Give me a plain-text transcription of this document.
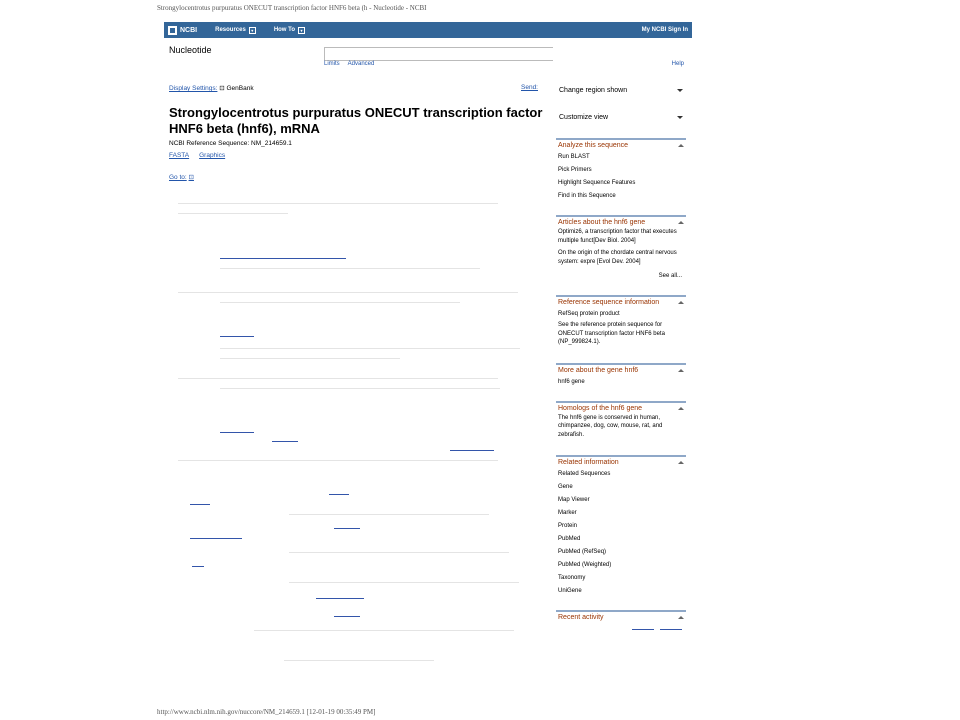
Strongylocentrotus purpuratus ONECUT transcription factor HNF6 beta (h - Nucleotide - NCBI
NCBI	Resources	▾	How To	▾	My NCBI Sign In
Nucleotide
Limits Advanced	Help
Display Settings: ⊡ GenBank	Send:
Strongylocentrotus purpuratus ONECUT transcription factor HNF6 beta (hnf6), mRNA
NCBI Reference Sequence: NM_214659.1
FASTA Graphics
Go to: ⊡
Change region shown
Customize view
Analyze this sequence
Run BLAST
Pick Primers
Highlight Sequence Features
Find in this Sequence
Articles about the hnf6 gene
Optimiz6, a transcription factor that executes multiple funct[Dev Biol. 2004]
On the origin of the chordate central nervous system: expre [Evol Dev. 2004]
See all...
Reference sequence information
RefSeq protein product
See the reference protein sequence for ONECUT transcription factor HNF6 beta (NP_999824.1).
More about the gene hnf6
hnf6 gene
Homologs of the hnf6 gene
The hnf6 gene is conserved in human, chimpanzee, dog, cow, mouse, rat, and zebrafish.
Related information
Related Sequences
Gene
Map Viewer
Marker
Protein
PubMed
PubMed (RefSeq)
PubMed (Weighted)
Taxonomy
UniGene
Recent activity
http://www.ncbi.nlm.nih.gov/nuccore/NM_214659.1 [12-01-19 00:35:49 PM]
